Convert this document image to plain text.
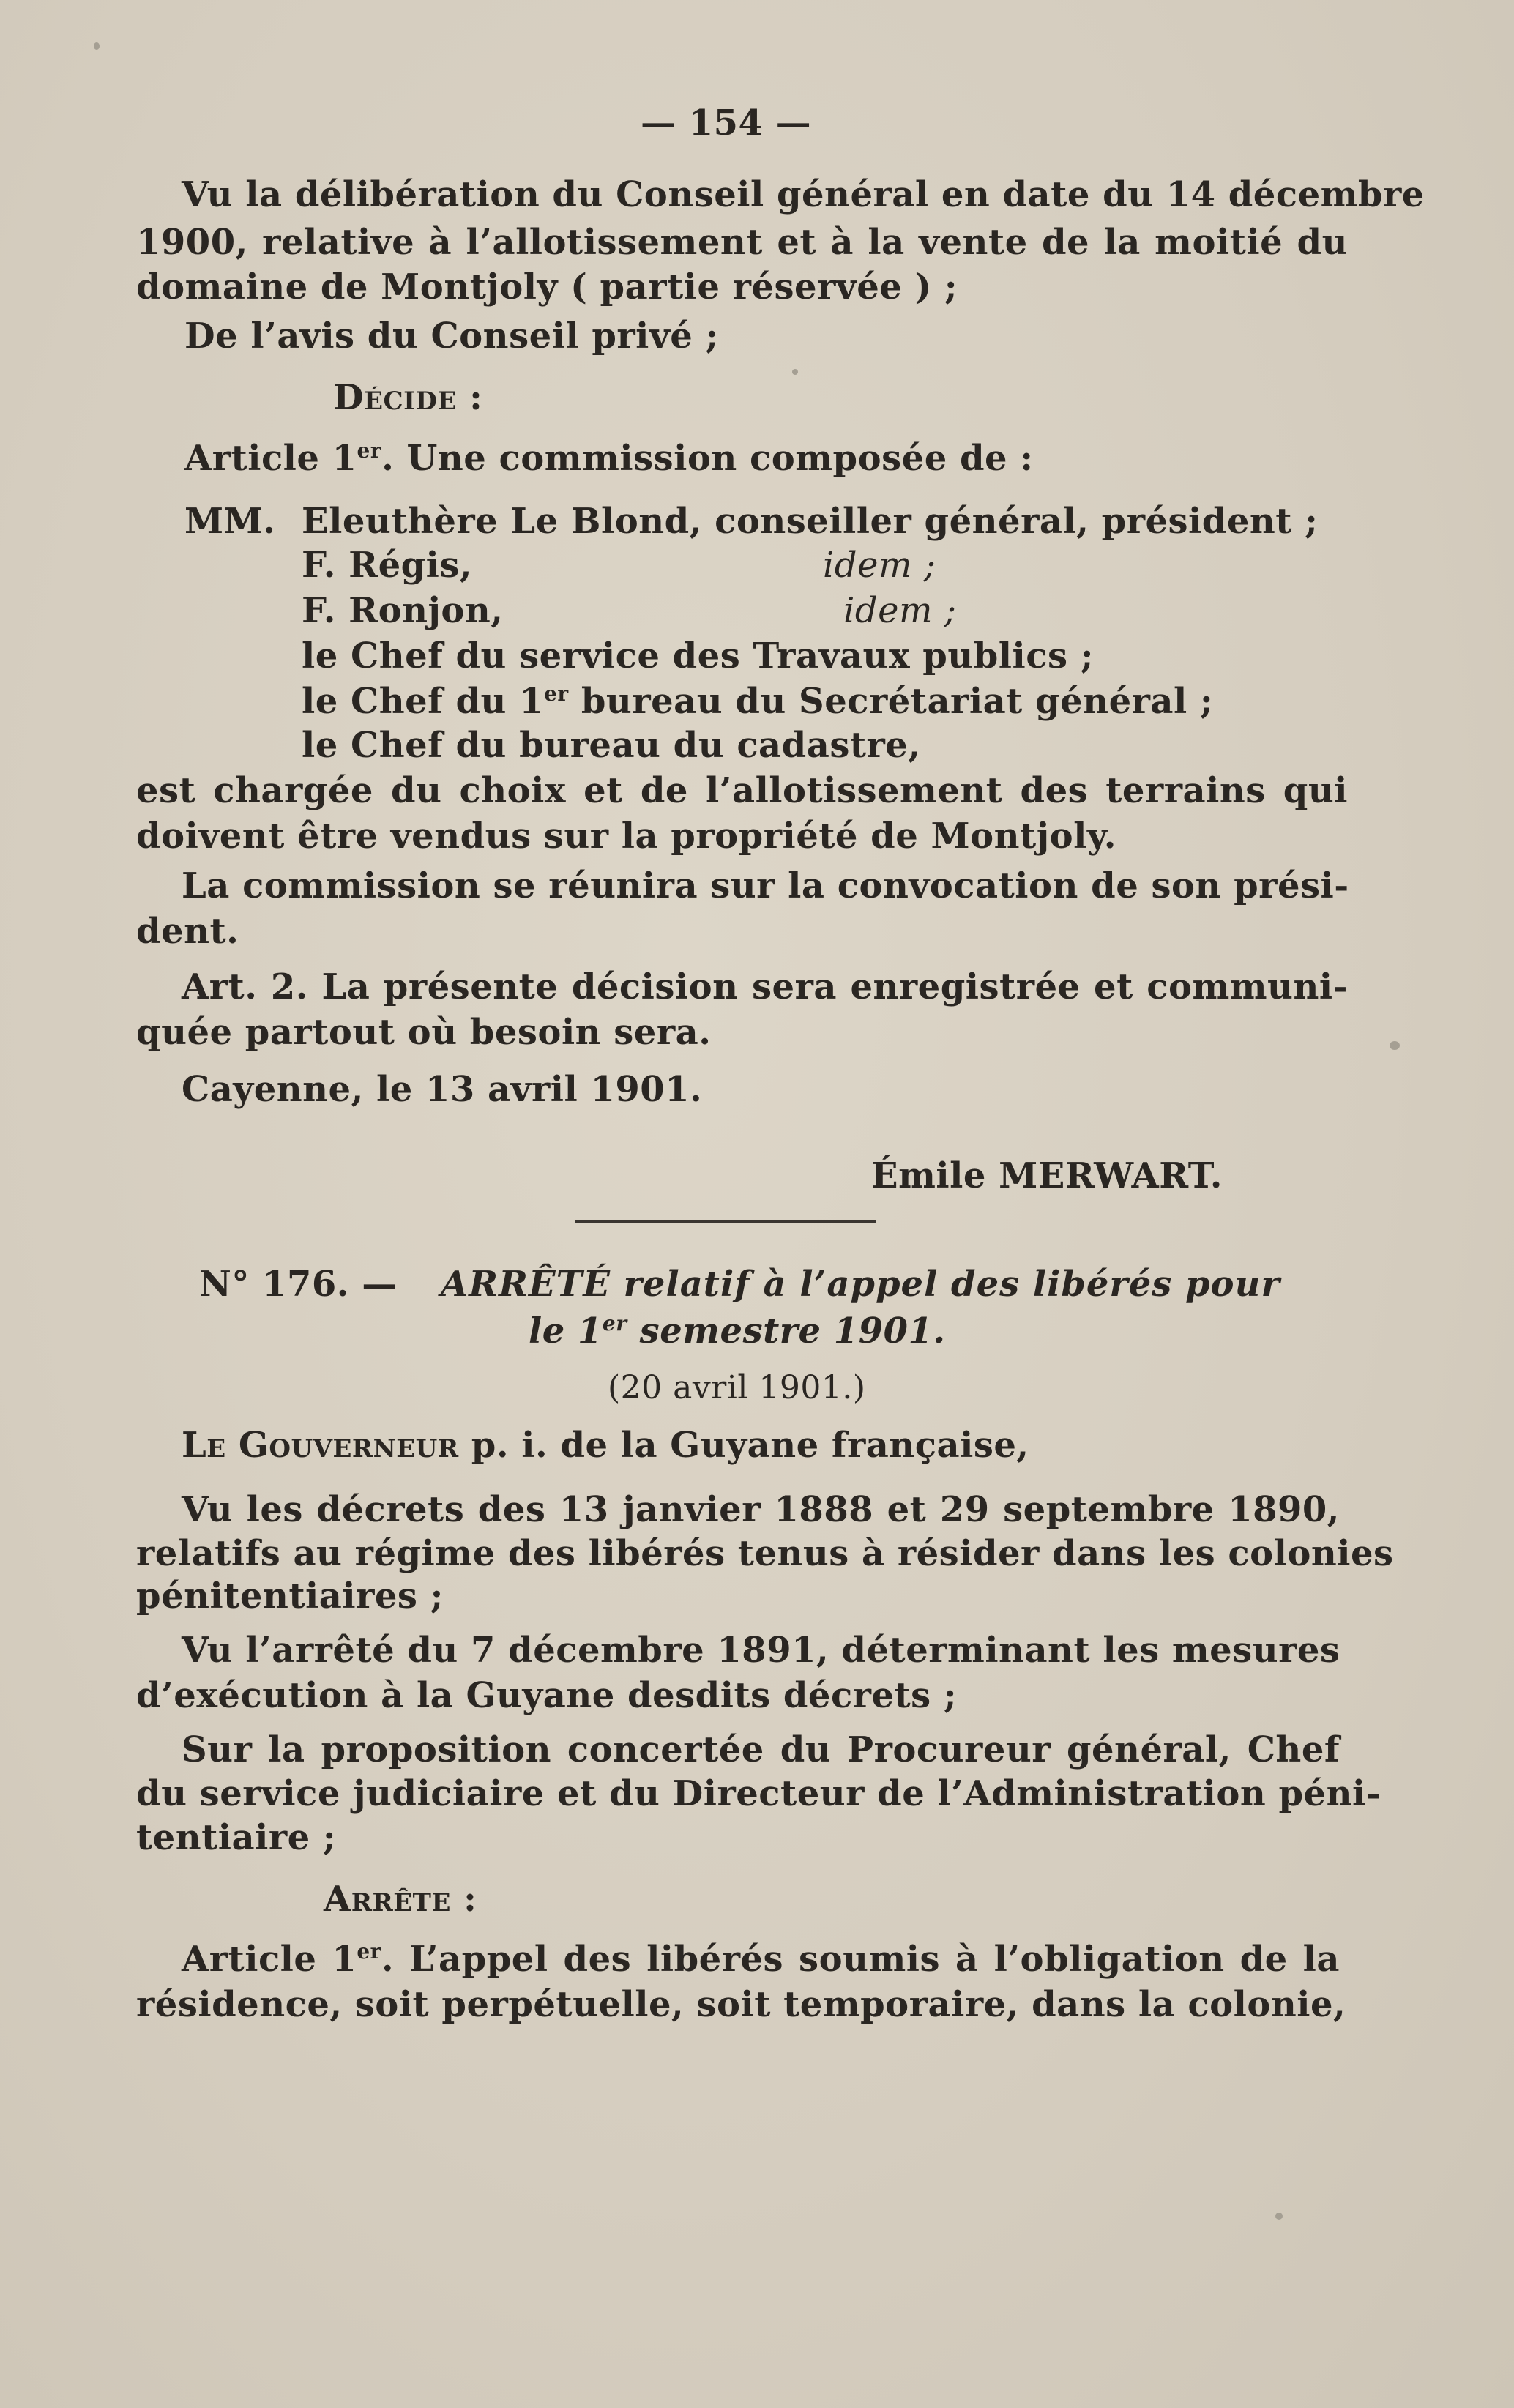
— 154 —
Vu la délibération du Conseil général en date du 14 décembre
1900, relative à l’allotissement et à la vente de la moitié du
domaine de Montjoly ( partie réservée ) ;
De l’avis du Conseil privé ;
Décide :
Article 1er. Une commission composée de :
MM. Eleuthère Le Blond, conseiller général, président ;
F. Régis,	idem ;
F. Ronjon,	idem ;
le Chef du service des Travaux publics ;
le Chef du 1er bureau du Secrétariat général ;
le Chef du bureau du cadastre,
est chargée du choix et de l’allotissement des terrains qui
doivent être vendus sur la propriété de Montjoly.
La commission se réunira sur la convocation de son prési-
dent.
Art. 2. La présente décision sera enregistrée et communi-
quée partout où besoin sera.
Cayenne, le 13 avril 1901.
Émile MERWART.
N° 176. — ARRÊTÉ relatif à l’appel des libérés pour
le 1er semestre 1901.
(20 avril 1901.)
Le Gouverneur p. i. de la Guyane française,
Vu les décrets des 13 janvier 1888 et 29 septembre 1890,
relatifs au régime des libérés tenus à résider dans les colonies
pénitentiaires ;
Vu l’arrêté du 7 décembre 1891, déterminant les mesures
d’exécution à la Guyane desdits décrets ;
Sur la proposition concertée du Procureur général, Chef
du service judiciaire et du Directeur de l’Administration péni-
tentiaire ;
Arrête :
Article 1er. L’appel des libérés soumis à l’obligation de la
résidence, soit perpétuelle, soit temporaire, dans la colonie,
